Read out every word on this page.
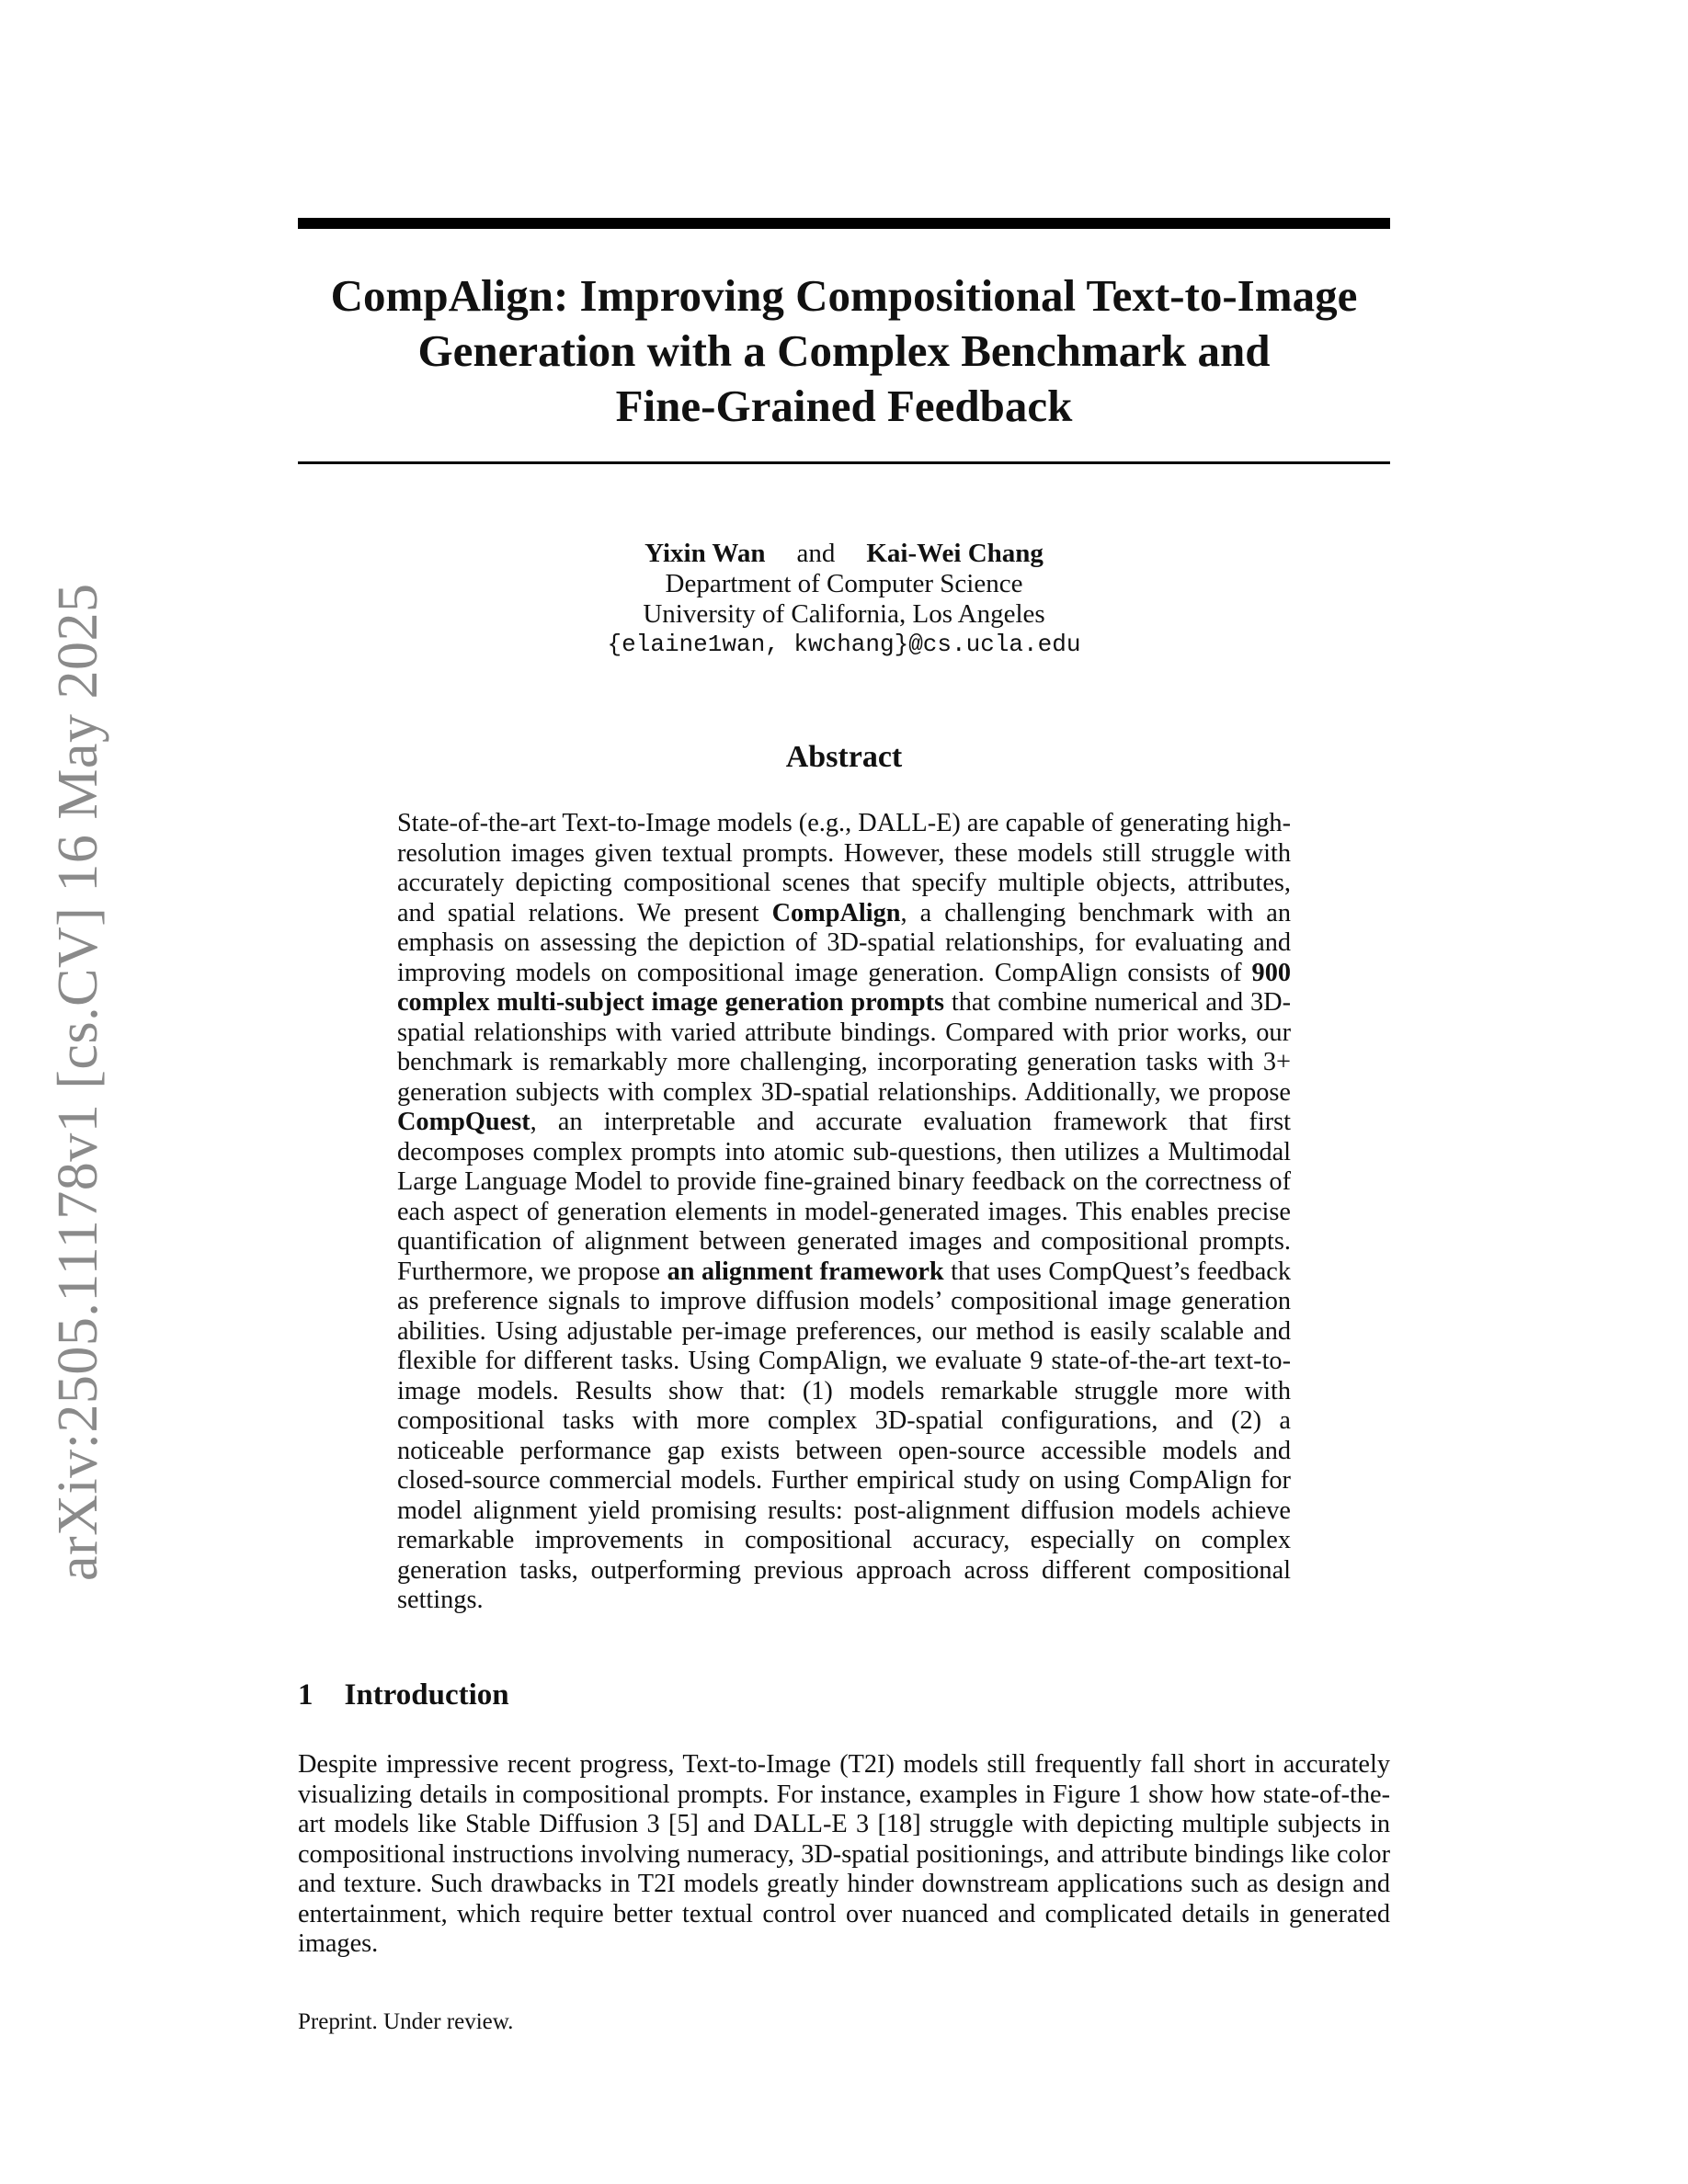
arXiv:2505.11178v1 [cs.CV] 16 May 2025
CompAlign: Improving Compositional Text-to-Image
Generation with a Complex Benchmark and
Fine-Grained Feedback
Yixin Wan and Kai-Wei Chang
Department of Computer Science
University of California, Los Angeles
{elaine1wan, kwchang}@cs.ucla.edu
Abstract

State-of-the-art Text-to-Image models (e.g., DALL-E) are capable of generating high-resolution images given textual prompts. However, these models still struggle with accurately depicting compositional scenes that specify multiple objects, attributes, and spatial relations. We present CompAlign, a challenging benchmark with an emphasis on assessing the depiction of 3D-spatial relationships, for evaluating and improving models on compositional image generation. CompAlign consists of 900 complex multi-subject image generation prompts that combine numerical and 3D-spatial relationships with varied attribute bindings. Compared with prior works, our benchmark is remarkably more challenging, incorporating generation tasks with 3+ generation subjects with complex 3D-spatial relationships. Additionally, we propose CompQuest, an interpretable and accurate evaluation framework that first decomposes complex prompts into atomic sub-questions, then utilizes a Multimodal Large Language Model to provide fine-grained binary feedback on the correctness of each aspect of generation elements in model-generated images. This enables precise quantification of alignment between generated images and compositional prompts. Furthermore, we propose an alignment framework that uses CompQuest’s feedback as preference signals to improve diffusion models’ compositional image generation abilities. Using adjustable per-image preferences, our method is easily scalable and flexible for different tasks. Using CompAlign, we evaluate 9 state-of-the-art text-to-image models. Results show that: (1) models remarkable struggle more with compositional tasks with more complex 3D-spatial configurations, and (2) a noticeable performance gap exists between open-source accessible models and closed-source commercial models. Further empirical study on using CompAlign for model alignment yield promising results: post-alignment diffusion models achieve remarkable improvements in compositional accuracy, especially on complex generation tasks, outperforming previous approach across different compositional settings.

1 Introduction

Despite impressive recent progress, Text-to-Image (T2I) models still frequently fall short in accurately visualizing details in compositional prompts. For instance, examples in Figure 1 show how state-of-the-art models like Stable Diffusion 3 [5] and DALL-E 3 [18] struggle with depicting multiple subjects in compositional instructions involving numeracy, 3D-spatial positionings, and attribute bindings like color and texture. Such drawbacks in T2I models greatly hinder downstream applications such as design and entertainment, which require better textual control over nuanced and complicated details in generated images.

Preprint. Under review.
